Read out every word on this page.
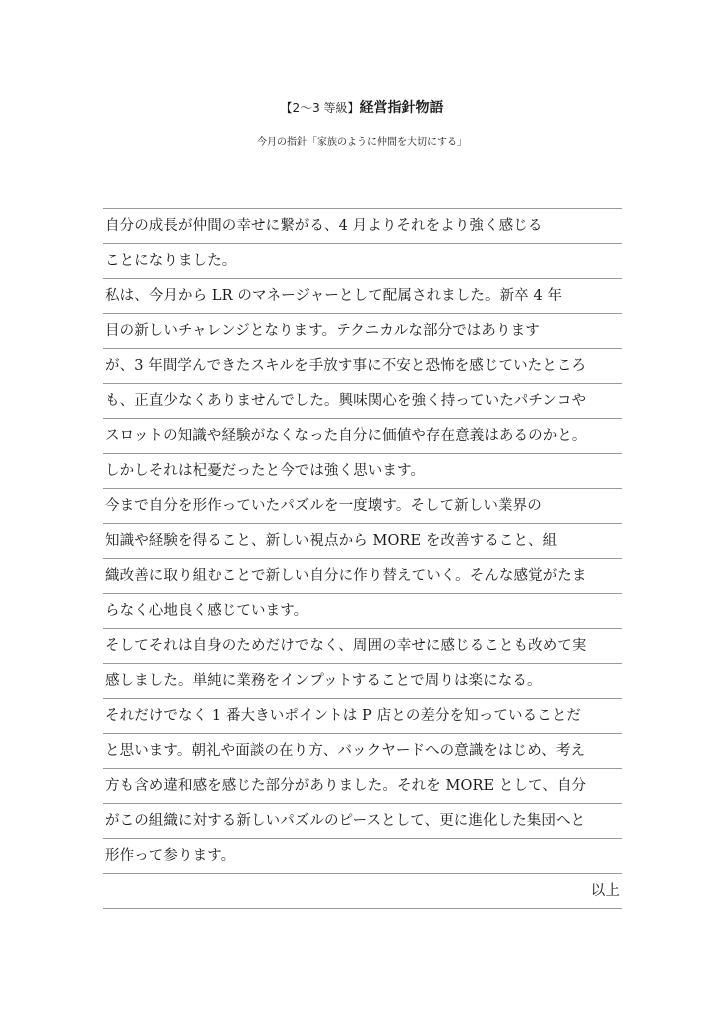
【2〜3 等級】経営指針物語
今月の指針「家族のように仲間を大切にする」
自分の成長が仲間の幸せに繋がる、4 月よりそれをより強く感じる
ことになりました。
私は、今月から LR のマネージャーとして配属されました。新卒 4 年
目の新しいチャレンジとなります。テクニカルな部分ではあります
が、3 年間学んできたスキルを手放す事に不安と恐怖を感じていたところ
も、正直少なくありませんでした。興味関心を強く持っていたパチンコや
スロットの知識や経験がなくなった自分に価値や存在意義はあるのかと。
しかしそれは杞憂だったと今では強く思います。
今まで自分を形作っていたパズルを一度壊す。そして新しい業界の
知識や経験を得ること、新しい視点から MORE を改善すること、組
織改善に取り組むことで新しい自分に作り替えていく。そんな感覚がたま
らなく心地良く感じています。
そしてそれは自身のためだけでなく、周囲の幸せに感じることも改めて実
感しました。単純に業務をインプットすることで周りは楽になる。
それだけでなく 1 番大きいポイントは P 店との差分を知っていることだ
と思います。朝礼や面談の在り方、バックヤードへの意識をはじめ、考え
方も含め違和感を感じた部分がありました。それを MORE として、自分
がこの組織に対する新しいパズルのピースとして、更に進化した集団へと
形作って参ります。
以上
